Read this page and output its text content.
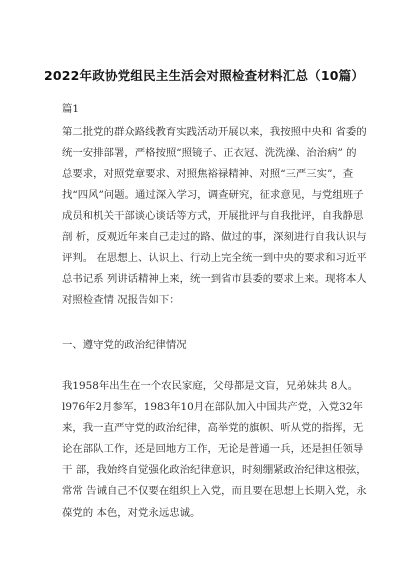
2022年政协党组民主生活会对照检查材料汇总（10篇）
篇1
第二批党的群众路线教育实践活动开展以来，我按照中央和 省委的
统一安排部署，严格按照“照镜子、正衣冠、洗洗澡、治治病” 的
总要求，对照党章要求、对照焦裕禄精神、对照“三严三实”，查
找“四风”问题。通过深入学习，调查研究，征求意见，与党组班子
成员和机关干部谈心谈话等方式，开展批评与自我批评，自我静思
剖 析，反观近年来自己走过的路、做过的事，深刻进行自我认识与
评判。 在思想上、认识上、行动上完全统一到中央的要求和习近平
总书记系 列讲话精神上来，统一到省市县委的要求上来。现将本人
对照检查情 况报告如下：
一、遵守党的政治纪律情况
我1958年出生在一个农民家庭，父母都是文盲，兄弟妹共 8人。
l976年2月参军，1983年10月在部队加入中国共产党，入党32年
来，我一直严守党的政治纪律，高举党的旗帜、听从党的指挥，无
论在部队工作，还是回地方工作，无论是普通一兵，还是担任领导
干 部，我始终自觉强化政治纪律意识，时刻绷紧政治纪律这根弦，
常常 告诫自己不仅要在组织上入党，而且要在思想上长期入党，永
葆党的 本色，对党永远忠诚。
